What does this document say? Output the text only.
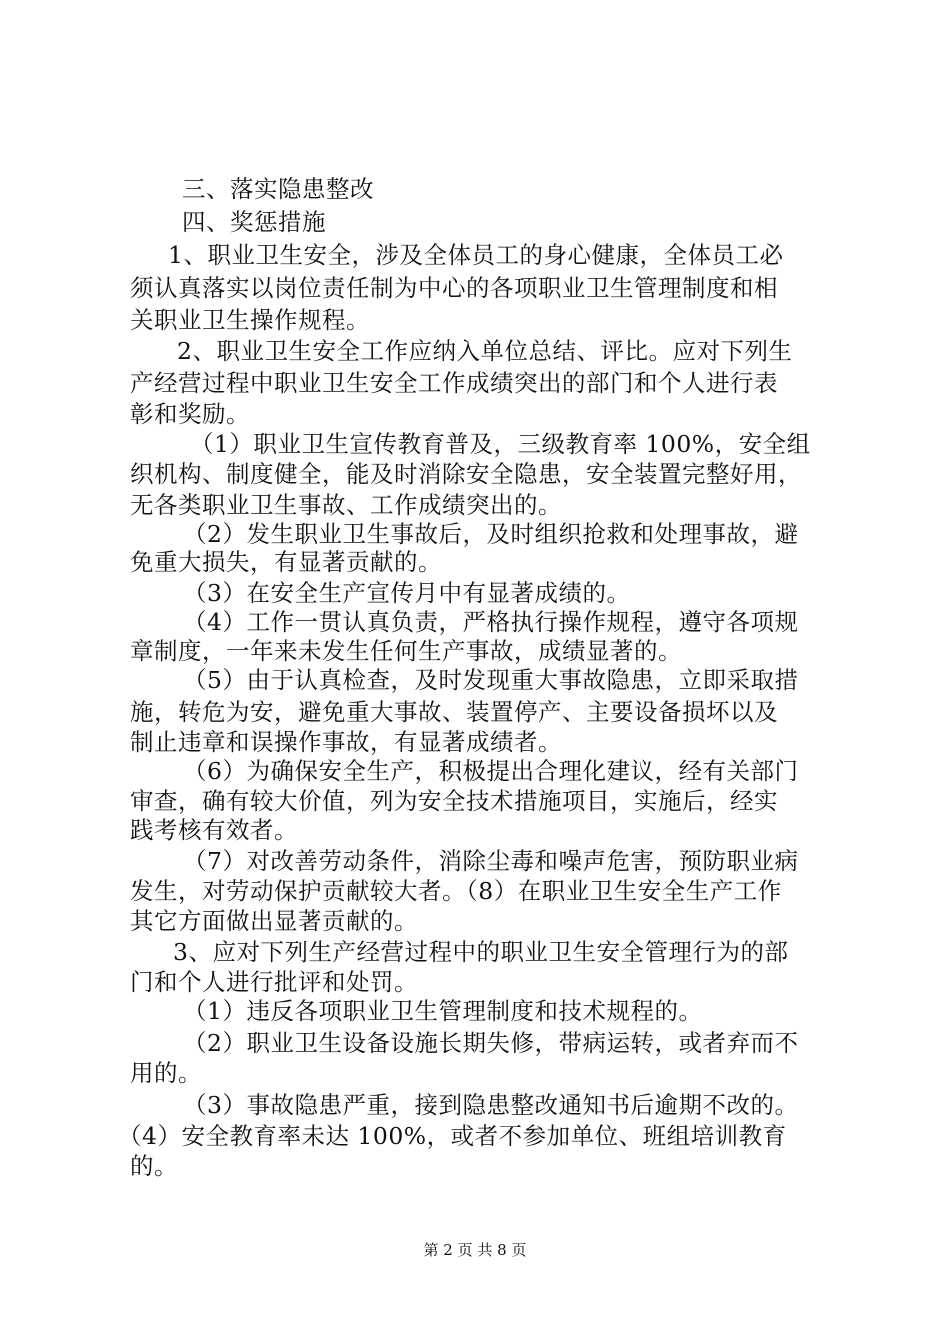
三、落实隐患整改
四、奖惩措施
1、职业卫生安全，涉及全体员工的身心健康，全体员工必
须认真落实以岗位责任制为中心的各项职业卫生管理制度和相
关职业卫生操作规程。
2、职业卫生安全工作应纳入单位总结、评比。应对下列生
产经营过程中职业卫生安全工作成绩突出的部门和个人进行表
彰和奖励。
（1）职业卫生宣传教育普及，三级教育率 100%，安全组
织机构、制度健全，能及时消除安全隐患，安全装置完整好用，
无各类职业卫生事故、工作成绩突出的。
（2）发生职业卫生事故后，及时组织抢救和处理事故，避
免重大损失，有显著贡献的。
（3）在安全生产宣传月中有显著成绩的。
（4）工作一贯认真负责，严格执行操作规程，遵守各项规
章制度，一年来未发生任何生产事故，成绩显著的。
（5）由于认真检查，及时发现重大事故隐患，立即采取措
施，转危为安，避免重大事故、装置停产、主要设备损坏以及
制止违章和误操作事故，有显著成绩者。
（6）为确保安全生产，积极提出合理化建议，经有关部门
审查，确有较大价值，列为安全技术措施项目，实施后，经实
践考核有效者。
（7）对改善劳动条件，消除尘毒和噪声危害，预防职业病
发生，对劳动保护贡献较大者。（8）在职业卫生安全生产工作
其它方面做出显著贡献的。
3、应对下列生产经营过程中的职业卫生安全管理行为的部
门和个人进行批评和处罚。
（1）违反各项职业卫生管理制度和技术规程的。
（2）职业卫生设备设施长期失修，带病运转，或者弃而不
用的。
（3）事故隐患严重，接到隐患整改通知书后逾期不改的。
（4）安全教育率未达 100%，或者不参加单位、班组培训教育
的。
第 2 页 共 8 页
